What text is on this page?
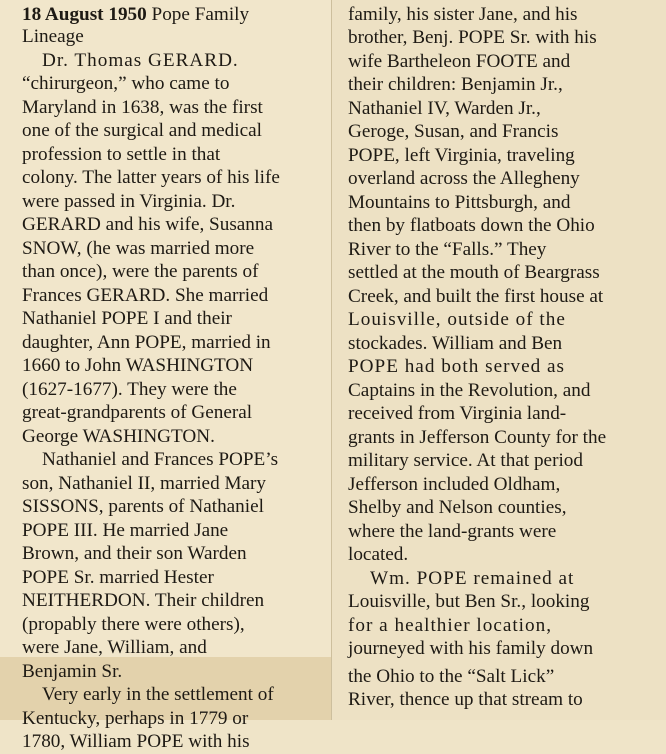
18 August 1950 Pope Family
Lineage
Dr. Thomas GERARD.
“chirurgeon,” who came to
Maryland in 1638, was the first
one of the surgical and medical
profession to settle in that
colony. The latter years of his life
were passed in Virginia. Dr.
GERARD and his wife, Susanna
SNOW, (he was married more
than once), were the parents of
Frances GERARD. She married
Nathaniel POPE I and their
daughter, Ann POPE, married in
1660 to John WASHINGTON
(1627-1677). They were the
great-grandparents of General
George WASHINGTON.
Nathaniel and Frances POPE’s
son, Nathaniel II, married Mary
SISSONS, parents of Nathaniel
POPE III. He married Jane
Brown, and their son Warden
POPE Sr. married Hester
NEITHERDON. Their children
(propably there were others),
were Jane, William, and
Benjamin Sr.
Very early in the settlement of
Kentucky, perhaps in 1779 or
1780, William POPE with his
family, his sister Jane, and his
brother, Benj. POPE Sr. with his
wife Bartheleon FOOTE and
their children: Benjamin Jr.,
Nathaniel IV, Warden Jr.,
Geroge, Susan, and Francis
POPE, left Virginia, traveling
overland across the Allegheny
Mountains to Pittsburgh, and
then by flatboats down the Ohio
River to the “Falls.” They
settled at the mouth of Beargrass
Creek, and built the first house at
Louisville, outside of the
stockades. William and Ben
POPE had both served as
Captains in the Revolution, and
received from Virginia land-
grants in Jefferson County for the
military service. At that period
Jefferson included Oldham,
Shelby and Nelson counties,
where the land-grants were
located.
Wm. POPE remained at
Louisville, but Ben Sr., looking
for a healthier location,
journeyed with his family down
the Ohio to the “Salt Lick”
River, thence up that stream to
